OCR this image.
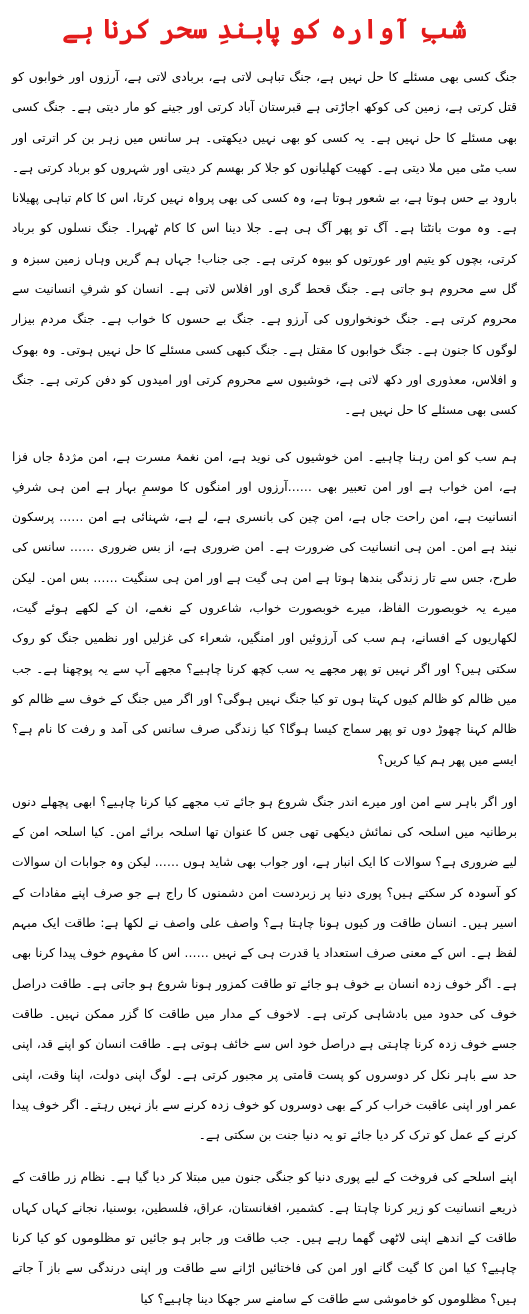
شبِ آوارہ کو پابندِ سحر کرنا ہے

جنگ کسی بھی مسئلے کا حل نہیں ہے، جنگ تباہی لاتی ہے، بربادی لاتی ہے، آرزوں اور خوابوں کو قتل کرتی ہے، زمین کی کوکھ اجاڑتی ہے قبرستان آباد کرتی اور جینے کو مار دیتی ہے۔ جنگ کسی بھی مسئلے کا حل نہیں ہے۔ یہ کسی کو بھی نہیں دیکھتی۔ ہر سانس میں زہر بن کر اترتی اور سب مٹی میں ملا دیتی ہے۔ کھیت کھلیانوں کو جلا کر بھسم کر دیتی اور شہروں کو برباد کرتی ہے۔ بارود بے حس ہوتا ہے، بے شعور ہوتا ہے، وہ کسی کی بھی پرواہ نہیں کرتا، اس کا کام تباہی پھیلانا ہے۔ وہ موت بانٹتا ہے۔ آگ تو پھر آگ ہی ہے۔ جلا دینا اس کا کام ٹھہرا۔ جنگ نسلوں کو برباد کرتی، بچوں کو یتیم اور عورتوں کو بیوہ کرتی ہے۔ جی جناب! جہاں ہم گریں وہاں زمین سبزہ و گل سے محروم ہو جاتی ہے۔ جنگ قحط گری اور افلاس لاتی ہے۔ انسان کو شرفِ انسانیت سے محروم کرتی ہے۔ جنگ خونخواروں کی آرزو ہے۔ جنگ بے حسوں کا خواب ہے۔ جنگ مردم بیزار لوگوں کا جنون ہے۔ جنگ خوابوں کا مقتل ہے۔ جنگ کبھی کسی مسئلے کا حل نہیں ہوتی۔ وہ بھوک و افلاس، معذوری اور دکھ لاتی ہے، خوشیوں سے محروم کرتی اور امیدوں کو دفن کرتی ہے۔ جنگ کسی بھی مسئلے کا حل نہیں ہے۔

ہم سب کو امن رہنا چاہیے۔ امن خوشیوں کی نوید ہے، امن نغمۂ مسرت ہے، امن مژدۂ جاں فزا ہے، امن خواب ہے اور امن تعبیر بھی ……آرزوں اور امنگوں کا موسمِ بہار ہے امن ہی شرفِ انسانیت ہے، امن راحت جاں ہے، امن چین کی بانسری ہے، لے ہے، شہنائی ہے امن …… پرسکون نیند ہے امن۔ امن ہی انسانیت کی ضرورت ہے۔ امن ضروری ہے، از بس ضروری …… سانس کی طرح، جس سے تار زندگی بندھا ہوتا ہے امن ہی گیت ہے اور امن ہی سنگیت …… بس امن۔ لیکن میرے یہ خوبصورت الفاظ، میرے خوبصورت خواب، شاعروں کے نغمے، ان کے لکھے ہوئے گیت، لکھاریوں کے افسانے، ہم سب کی آرزوئیں اور امنگیں، شعراء کی غزلیں اور نظمیں جنگ کو روک سکتی ہیں؟ اور اگر نہیں تو پھر مجھے یہ سب کچھ کرنا چاہیے؟ مجھے آپ سے یہ پوچھنا ہے۔ جب میں ظالم کو ظالم کیوں کہتا ہوں تو کیا جنگ نہیں ہوگی؟ اور اگر میں جنگ کے خوف سے ظالم کو ظالم کہنا چھوڑ دوں تو پھر سماج کیسا ہوگا؟ کیا زندگی صرف سانس کی آمد و رفت کا نام ہے؟ ایسے میں پھر ہم کیا کریں؟

اور اگر باہر سے امن اور میرے اندر جنگ شروع ہو جائے تب مجھے کیا کرنا چاہیے؟ ابھی پچھلے دنوں برطانیہ میں اسلحہ کی نمائش دیکھی تھی جس کا عنوان تھا اسلحہ برائے امن۔ کیا اسلحہ امن کے لیے ضروری ہے؟ سوالات کا ایک انبار ہے، اور جواب بھی شاید ہوں …… لیکن وہ جوابات ان سوالات کو آسودہ کر سکتے ہیں؟ پوری دنیا پر زبردست امن دشمنوں کا راج ہے جو صرف اپنے مفادات کے اسیر ہیں۔ انسان طاقت ور کیوں ہونا چاہتا ہے؟ واصف علی واصف نے لکھا ہے: طاقت ایک مبہم لفظ ہے۔ اس کے معنی صرف استعداد یا قدرت ہی کے نہیں …… اس کا مفہوم خوف پیدا کرنا بھی ہے۔ اگر خوف زدہ انسان بے خوف ہو جائے تو طاقت کمزور ہونا شروع ہو جاتی ہے۔ طاقت دراصل خوف کی حدود میں بادشاہی کرتی ہے۔ لاخوف کے مدار میں طاقت کا گزر ممکن نہیں۔ طاقت جسے خوف زدہ کرنا چاہتی ہے دراصل خود اس سے خائف ہوتی ہے۔ طاقت انسان کو اپنے قد، اپنی حد سے باہر نکل کر دوسروں کو پست قامتی پر مجبور کرتی ہے۔ لوگ اپنی دولت، اپنا وقت، اپنی عمر اور اپنی عاقبت خراب کر کے بھی دوسروں کو خوف زدہ کرنے سے باز نہیں رہتے۔ اگر خوف پیدا کرنے کے عمل کو ترک کر دیا جائے تو یہ دنیا جنت بن سکتی ہے۔

اپنے اسلحے کی فروخت کے لیے پوری دنیا کو جنگی جنون میں مبتلا کر دیا گیا ہے۔ نظام زر طاقت کے ذریعے انسانیت کو زیر کرنا چاہتا ہے۔ کشمیر، افغانستان، عراق، فلسطین، بوسنیا، نجانے کہاں کہاں طاقت کے اندھے اپنی لاٹھی گھما رہے ہیں۔ جب طاقت ور جابر ہو جائیں تو مظلوموں کو کیا کرنا چاہیے؟ کیا امن کا گیت گانے اور امن کی فاختائیں اڑانے سے طاقت ور اپنی درندگی سے باز آ جاتے ہیں؟ مظلوموں کو خاموشی سے طاقت کے سامنے سر جھکا دینا چاہیے؟ کیا
